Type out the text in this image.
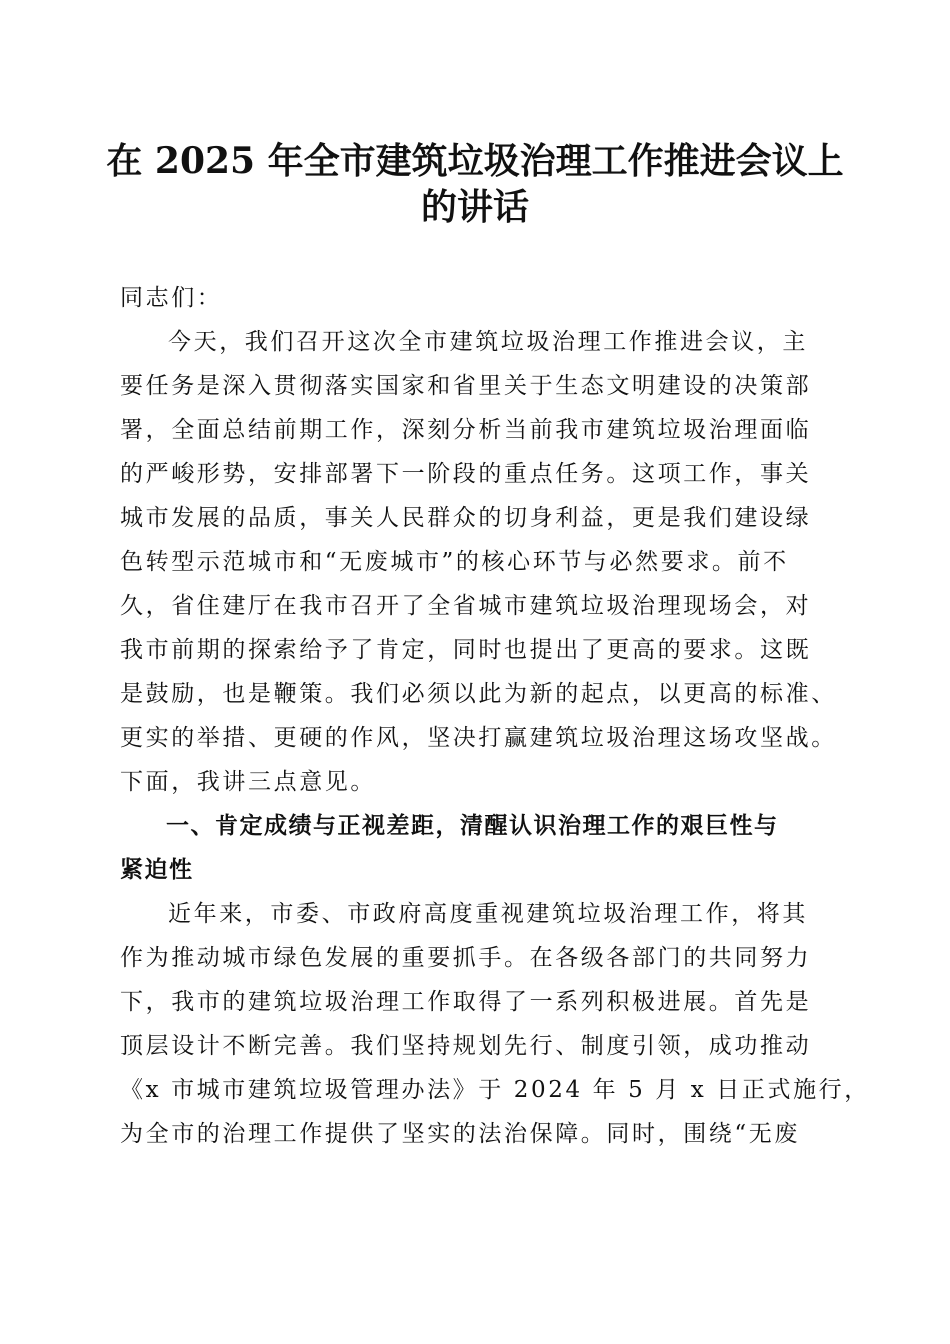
在 2025 年全市建筑垃圾治理工作推进会议上
的讲话

同志们：

今天，我们召开这次全市建筑垃圾治理工作推进会议，主
要任务是深入贯彻落实国家和省里关于生态文明建设的决策部
署，全面总结前期工作，深刻分析当前我市建筑垃圾治理面临
的严峻形势，安排部署下一阶段的重点任务。这项工作，事关
城市发展的品质，事关人民群众的切身利益，更是我们建设绿
色转型示范城市和“无废城市”的核心环节与必然要求。前不
久，省住建厅在我市召开了全省城市建筑垃圾治理现场会，对
我市前期的探索给予了肯定，同时也提出了更高的要求。这既
是鼓励，也是鞭策。我们必须以此为新的起点，以更高的标准、
更实的举措、更硬的作风，坚决打赢建筑垃圾治理这场攻坚战。
下面，我讲三点意见。
一、肯定成绩与正视差距，清醒认识治理工作的艰巨性与
紧迫性
近年来，市委、市政府高度重视建筑垃圾治理工作，将其
作为推动城市绿色发展的重要抓手。在各级各部门的共同努力
下，我市的建筑垃圾治理工作取得了一系列积极进展。首先是
顶层设计不断完善。我们坚持规划先行、制度引领，成功推动
《x 市城市建筑垃圾管理办法》于 2024 年 5 月 x 日正式施行，
为全市的治理工作提供了坚实的法治保障。同时，围绕“无废
